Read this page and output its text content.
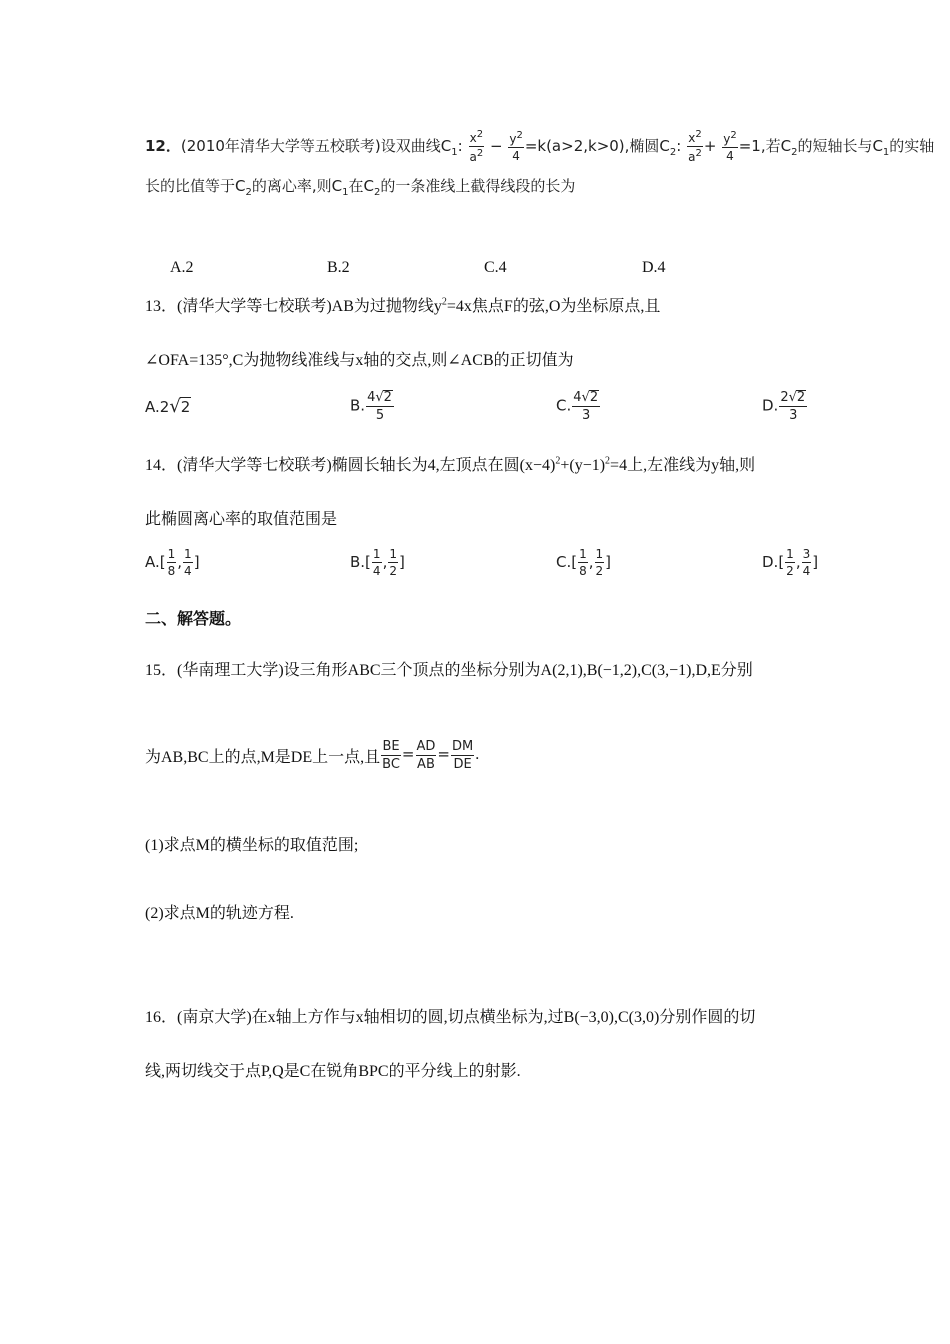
12．(2010年清华大学等五校联考)设双曲线$C_1$: $\frac{x^2}{a^2} - \frac{y^2}{4} =k(a>2,k>0)$,椭圆$C_2$: $\frac{x^2}{a^2} + \frac{y^2}{4} =1$,若$C_2$的短轴长与$C_1$的实轴
长的比值等于$C_2$的离心率,则$C_1$在$C_2$的一条准线上截得线段的长为
A.2	B.2	C.4	D.4
13．(清华大学等七校联考)AB为过抛物线$y^2=4x$焦点F的弦,O为坐标原点,且
∠OFA=135°,C为抛物线准线与x轴的交点,则∠ACB的正切值为
A.2√2	B. $\frac{4√2}{5}$	C. $\frac{4√2}{3}$	D. $\frac{2√2}{3}$
14．(清华大学等七校联考)椭圆长轴长为4,左顶点在圆$(x-4)^2+(y-1)^2=4$上,左准线为y轴,则
此椭圆离心率的取值范围是
$A.[ \frac{1}{8}$ , $\frac{1}{4}$ ]	$B.[ \frac{1}{4}$ , $\frac{1}{2}$ ]	$C.[ \frac{1}{8}$ , $\frac{1}{2}$ ]	$D.[ \frac{1}{2}$ , $\frac{3}{4}$ ]
二、解答题。
15．(华南理工大学)设三角形ABC三个顶点的坐标分别为A(2,1),B(−1,2),C(3,−1),D,E分别
为AB,BC上的点,M是DE上一点,且 $\frac{BE}{BC} = \frac{AD}{AB} = \frac{DM}{DE}$ .
(1)求点M的横坐标的取值范围;
(2)求点M的轨迹方程.
16．(南京大学)在x轴上方作与x轴相切的圆,切点横坐标为,过B(−3,0),C(3,0)分别作圆的切
线,两切线交于点P,Q是C在锐角BPC的平分线上的射影.
